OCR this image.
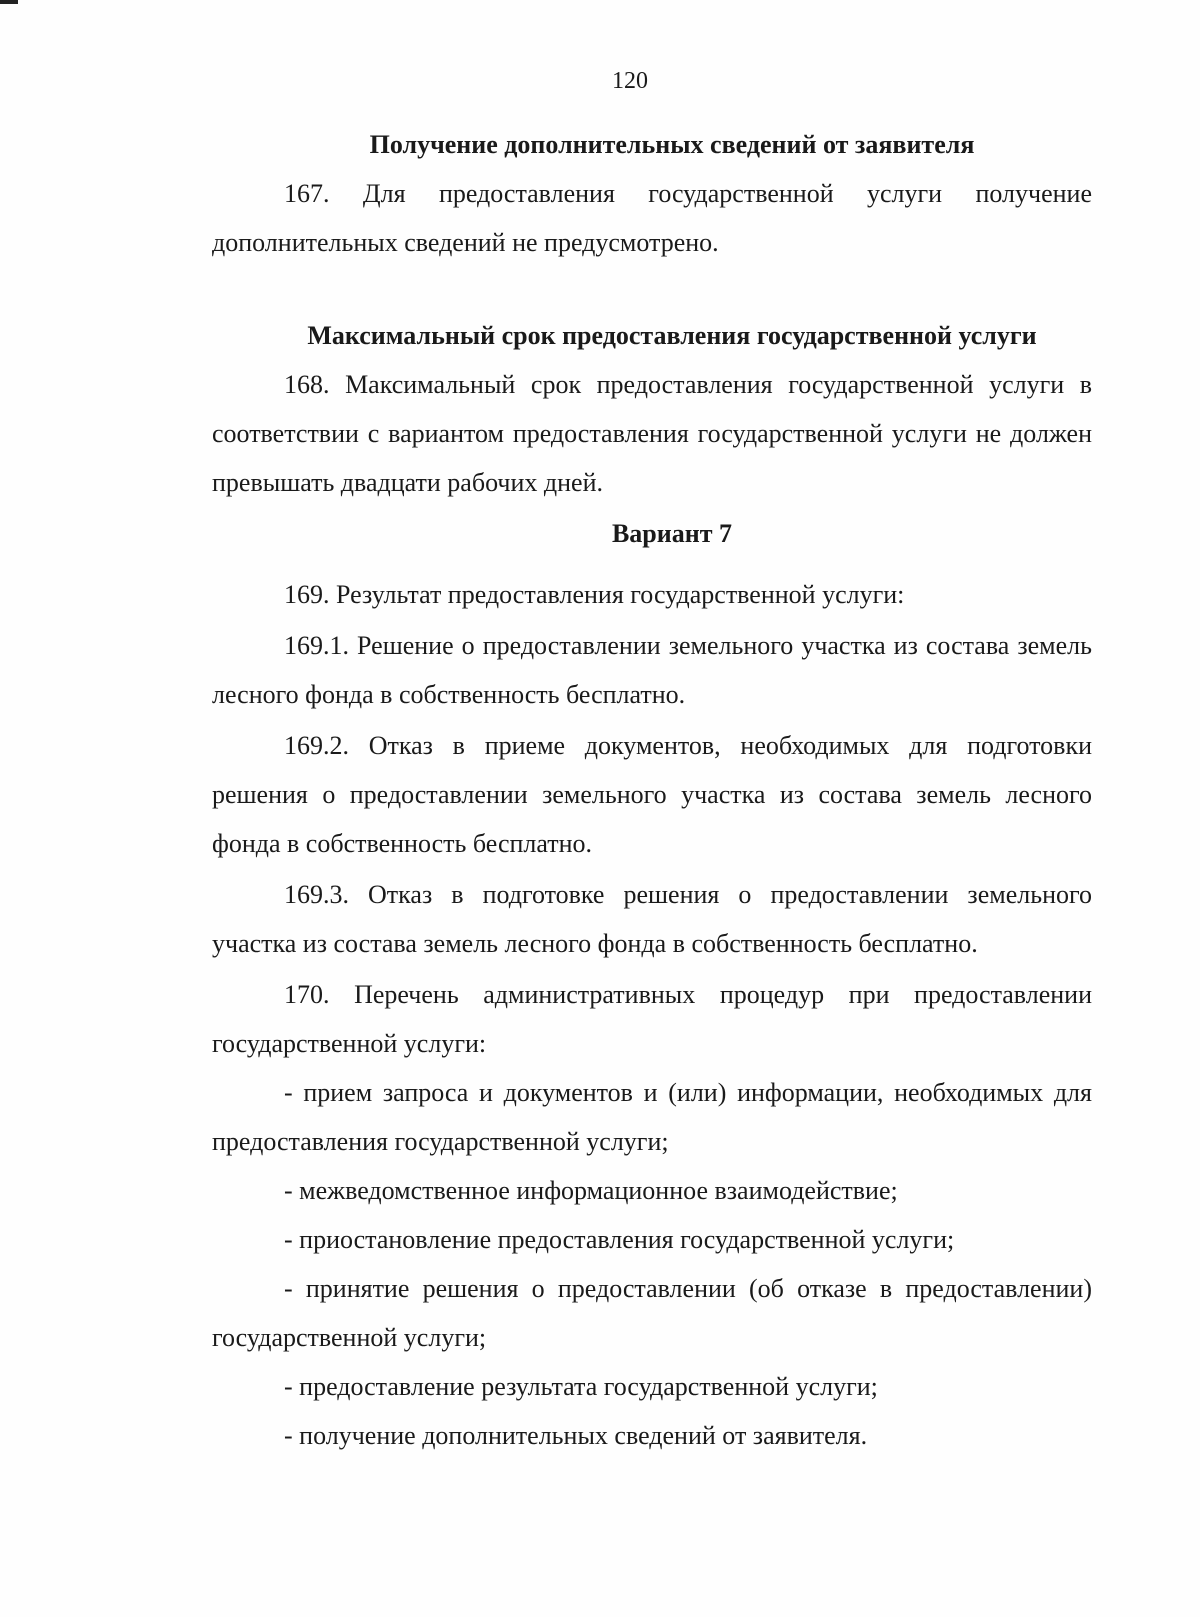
120

Получение дополнительных сведений от заявителя

167. Для предоставления государственной услуги получение дополнительных сведений не предусмотрено.

Максимальный срок предоставления государственной услуги

168. Максимальный срок предоставления государственной услуги в соответствии с вариантом предоставления государственной услуги не должен превышать двадцати рабочих дней.

Вариант 7

169. Результат предоставления государственной услуги:

169.1. Решение о предоставлении земельного участка из состава земель лесного фонда в собственность бесплатно.

169.2. Отказ в приеме документов, необходимых для подготовки решения о предоставлении земельного участка из состава земель лесного фонда в собственность бесплатно.

169.3. Отказ в подготовке решения о предоставлении земельного участка из состава земель лесного фонда в собственность бесплатно.

170. Перечень административных процедур при предоставлении государственной услуги:

- прием запроса и документов и (или) информации, необходимых для предоставления государственной услуги;

- межведомственное информационное взаимодействие;

- приостановление предоставления государственной услуги;

- принятие решения о предоставлении (об отказе в предоставлении) государственной услуги;

- предоставление результата государственной услуги;

- получение дополнительных сведений от заявителя.
